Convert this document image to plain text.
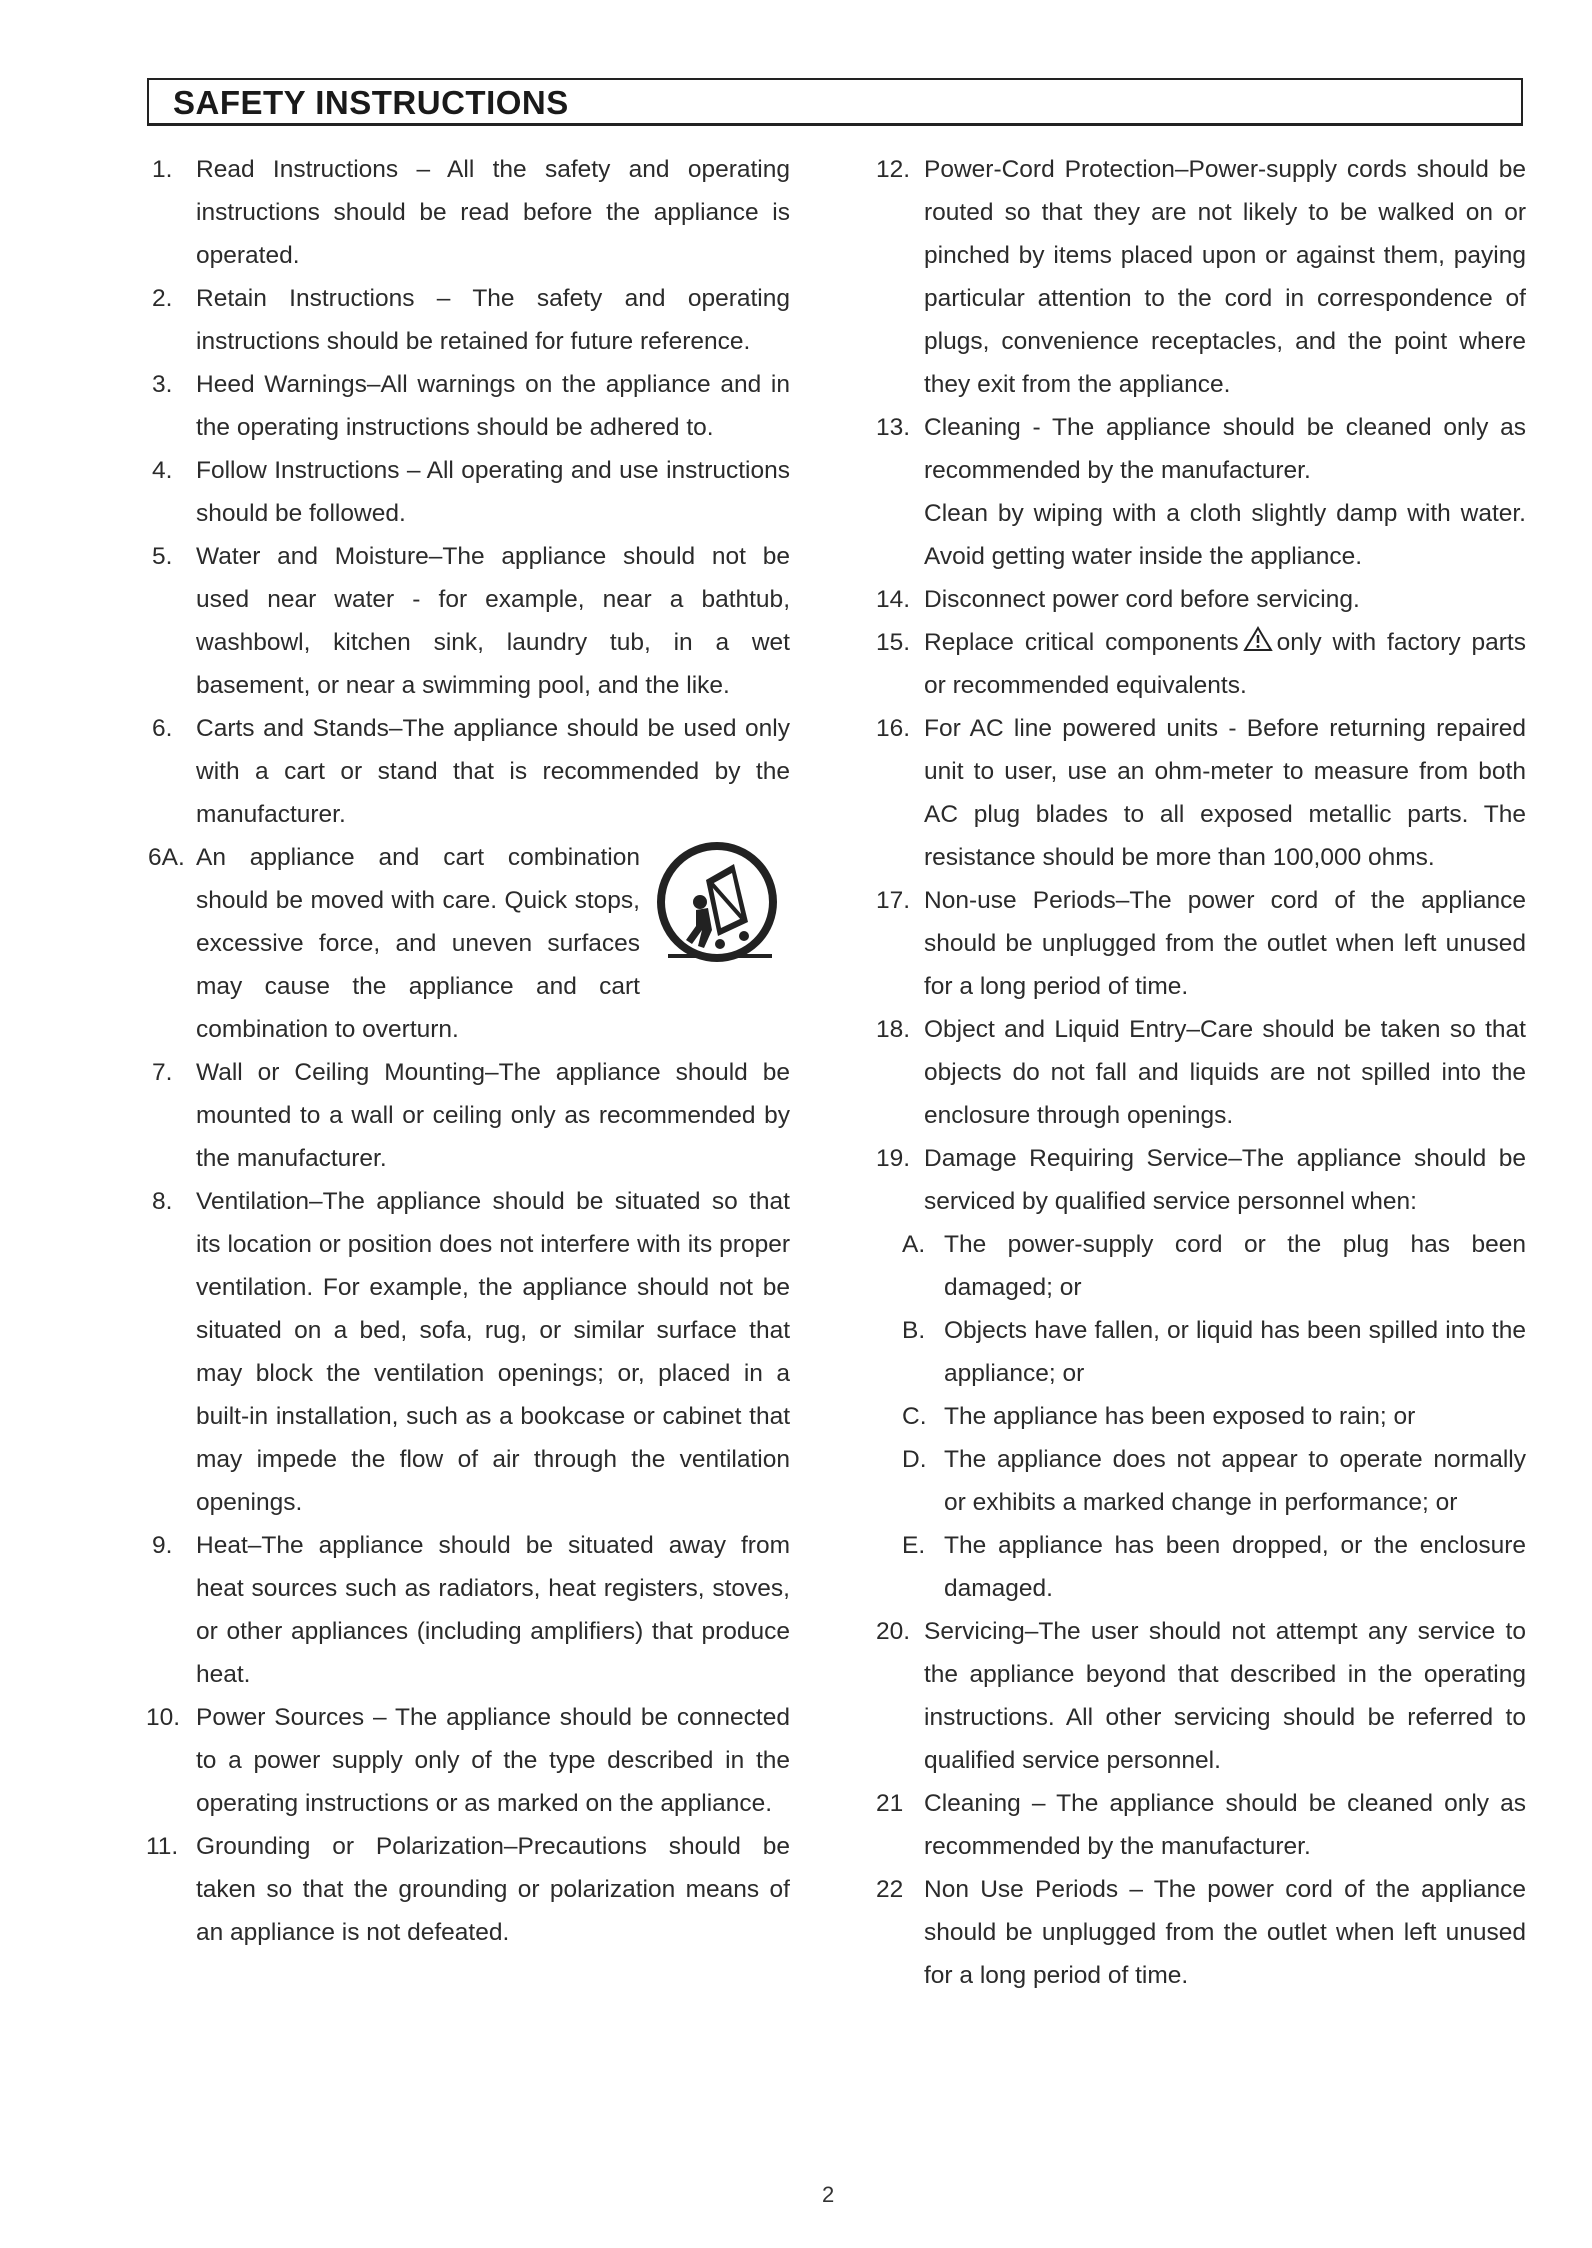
SAFETY INSTRUCTIONS
1. Read Instructions – All the safety and operating instructions should be read before the appliance is operated.
2. Retain Instructions – The safety and operating instructions should be retained for future reference.
3. Heed Warnings–All warnings on the appliance and in the operating instructions should be adhered to.
4. Follow Instructions – All operating and use instructions should be followed.
5. Water and Moisture–The appliance should not be used near water - for example, near a bathtub, washbowl, kitchen sink, laundry tub, in a wet basement, or near a swimming pool, and the like.
6. Carts and Stands–The appliance should be used only with a cart or stand that is recommended by the manufacturer.
6A. An appliance and cart combination should be moved with care. Quick stops, excessive force, and uneven surfaces may cause the appliance and cart combination to overturn.
7. Wall or Ceiling Mounting–The appliance should be mounted to a wall or ceiling only as recommended by the manufacturer.
8. Ventilation–The appliance should be situated so that its location or position does not interfere with its proper ventilation. For example, the appliance should not be situated on a bed, sofa, rug, or similar surface that may block the ventilation openings; or, placed in a built-in installation, such as a bookcase or cabinet that may impede the flow of air through the ventilation openings.
9. Heat–The appliance should be situated away from heat sources such as radiators, heat registers, stoves, or other appliances (including amplifiers) that produce heat.
10. Power Sources – The appliance should be connected to a power supply only of the type described in the operating instructions or as marked on the appliance.
11. Grounding or Polarization–Precautions should be taken so that the grounding or polarization means of an appliance is not defeated.
12. Power-Cord Protection–Power-supply cords should be routed so that they are not likely to be walked on or pinched by items placed upon or against them, paying particular attention to the cord in correspondence of plugs, convenience receptacles, and the point where they exit from the appliance.
13. Cleaning - The appliance should be cleaned only as recommended by the manufacturer.
Clean by wiping with a cloth slightly damp with water. Avoid getting water inside the appliance.
14. Disconnect power cord before servicing.
15. Replace critical components only with factory parts or recommended equivalents.
16. For AC line powered units - Before returning repaired unit to user, use an ohm-meter to measure from both AC plug blades to all exposed metallic parts. The resistance should be more than 100,000 ohms.
17. Non-use Periods–The power cord of the appliance should be unplugged from the outlet when left unused for a long period of time.
18. Object and Liquid Entry–Care should be taken so that objects do not fall and liquids are not spilled into the enclosure through openings.
19. Damage Requiring Service–The appliance should be serviced by qualified service personnel when:
A. The power-supply cord or the plug has been damaged; or
B. Objects have fallen, or liquid has been spilled into the appliance; or
C. The appliance has been exposed to rain; or
D. The appliance does not appear to operate normally or exhibits a marked change in performance; or
E. The appliance has been dropped, or the enclosure damaged.
20. Servicing–The user should not attempt any service to the appliance beyond that described in the operating instructions. All other servicing should be referred to qualified service personnel.
21 Cleaning – The appliance should be cleaned only as recommended by the manufacturer.
22 Non Use Periods – The power cord of the appliance should be unplugged from the outlet when left unused for a long period of time.
2
